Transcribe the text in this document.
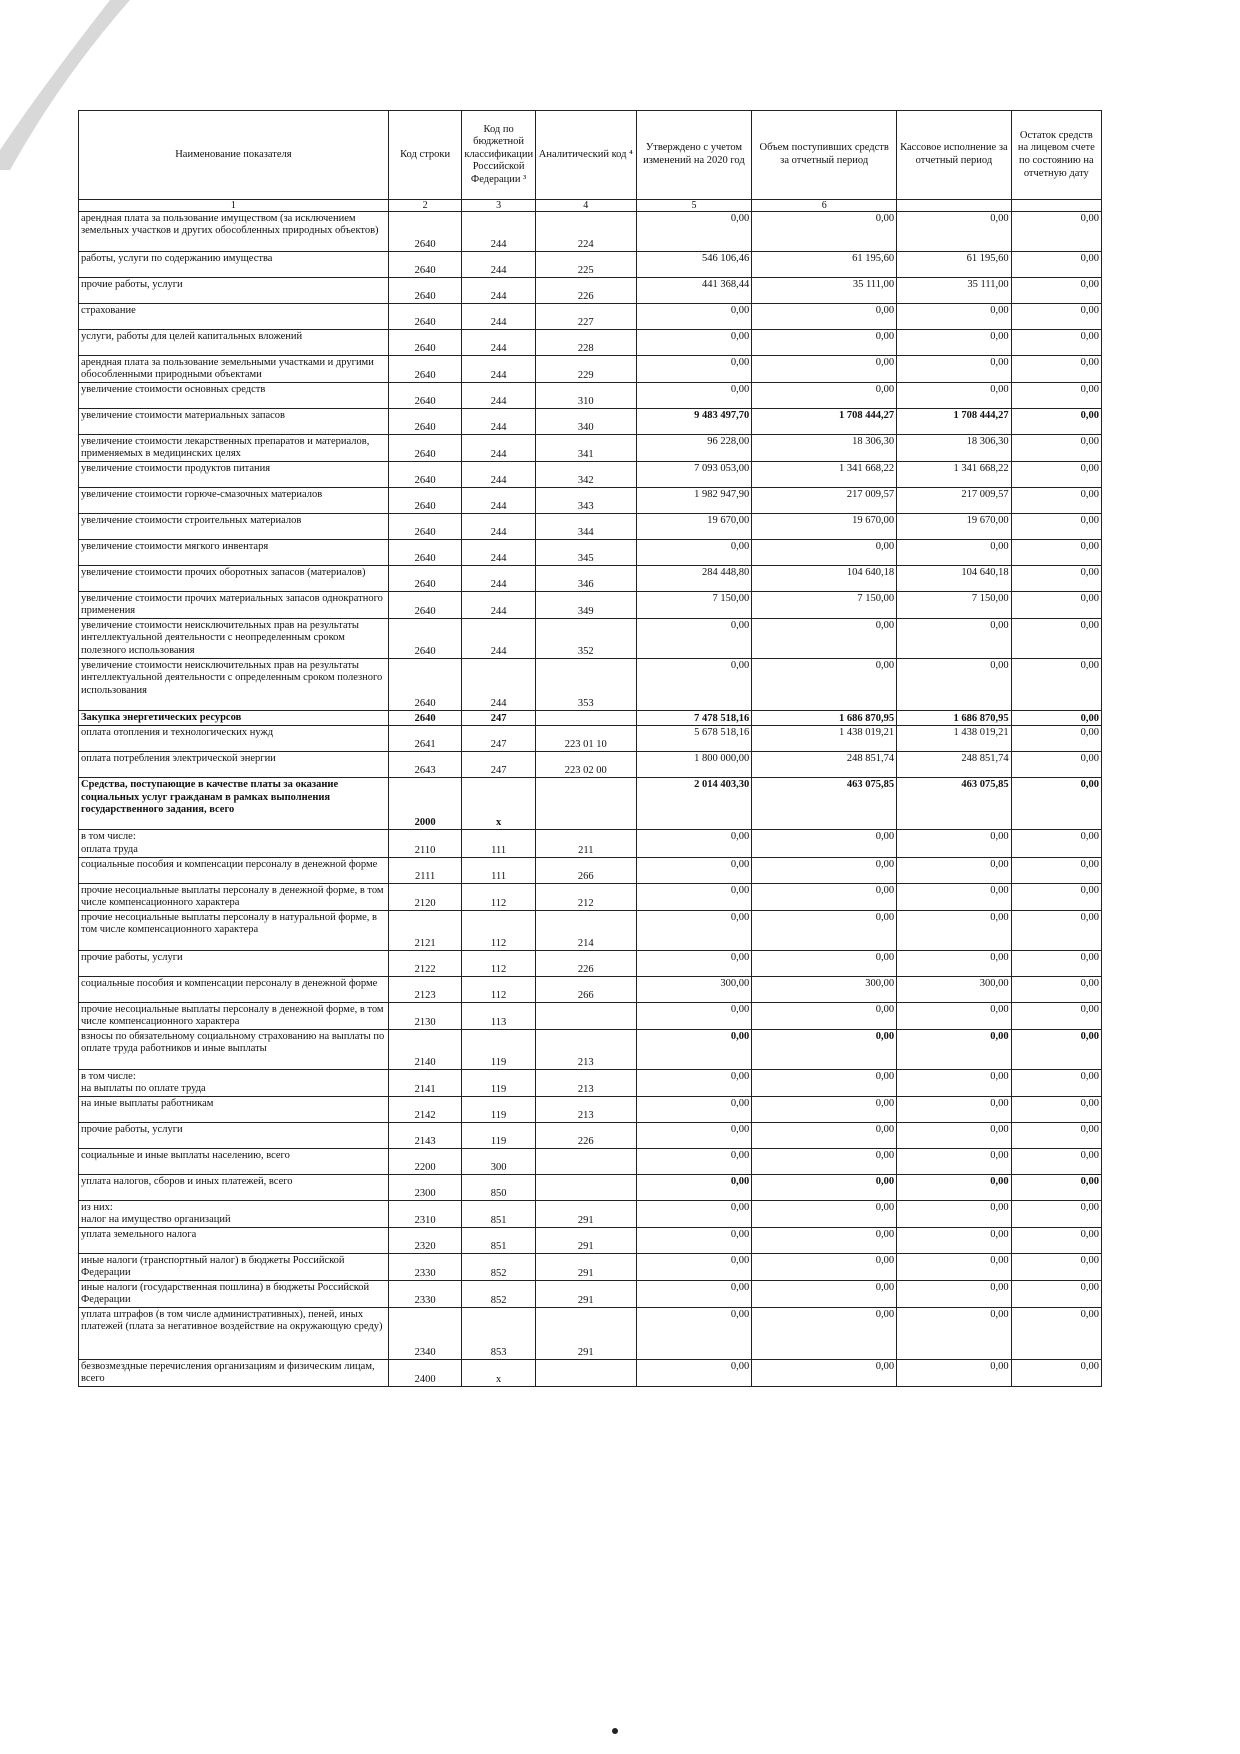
Наименование показателя	Код строки	Код по бюджетной классификации Российской Федерации ³	Аналитический код ⁴	Утверждено с учетом изменений на 2020 год	Объем поступивших средств за отчетный период	Кассовое исполнение за отчетный период	Остаток средств на лицевом счете по состоянию на отчетную дату
1	2	3	4	5	6		
арендная плата за пользование имуществом (за исключением земельных участков и других обособленных природных объектов)	2640	244	224	0,00	0,00	0,00	0,00
работы, услуги по содержанию имущества	2640	244	225	546 106,46	61 195,60	61 195,60	0,00
прочие работы, услуги	2640	244	226	441 368,44	35 111,00	35 111,00	0,00
страхование	2640	244	227	0,00	0,00	0,00	0,00
услуги, работы для целей капитальных вложений	2640	244	228	0,00	0,00	0,00	0,00
арендная плата за пользование земельными участками и другими обособленными природными объектами	2640	244	229	0,00	0,00	0,00	0,00
увеличение стоимости основных средств	2640	244	310	0,00	0,00	0,00	0,00
увеличение стоимости материальных запасов	2640	244	340	9 483 497,70	1 708 444,27	1 708 444,27	0,00
увеличение стоимости лекарственных препаратов и материалов, применяемых в медицинских целях	2640	244	341	96 228,00	18 306,30	18 306,30	0,00
увеличение стоимости продуктов питания	2640	244	342	7 093 053,00	1 341 668,22	1 341 668,22	0,00
увеличение стоимости горюче-смазочных материалов	2640	244	343	1 982 947,90	217 009,57	217 009,57	0,00
увеличение стоимости строительных материалов	2640	244	344	19 670,00	19 670,00	19 670,00	0,00
увеличение стоимости мягкого инвентаря	2640	244	345	0,00	0,00	0,00	0,00
увеличение стоимости прочих оборотных запасов (материалов)	2640	244	346	284 448,80	104 640,18	104 640,18	0,00
увеличение стоимости прочих материальных запасов однократного применения	2640	244	349	7 150,00	7 150,00	7 150,00	0,00
увеличение стоимости неисключительных прав на результаты интеллектуальной деятельности с неопределенным сроком полезного использования	2640	244	352	0,00	0,00	0,00	0,00
увеличение стоимости неисключительных прав на результаты интеллектуальной деятельности с определенным сроком полезного использования	2640	244	353	0,00	0,00	0,00	0,00
Закупка энергетических ресурсов	2640	247		7 478 518,16	1 686 870,95	1 686 870,95	0,00
оплата отопления и технологических нужд	2641	247	223 01 10	5 678 518,16	1 438 019,21	1 438 019,21	0,00
оплата потребления электрической энергии	2643	247	223 02 00	1 800 000,00	248 851,74	248 851,74	0,00
Средства, поступающие в качестве платы за оказание социальных услуг гражданам в рамках выполнения государственного задания, всего	2000	x		2 014 403,30	463 075,85	463 075,85	0,00
в том числе:
оплата труда	2110	111	211	0,00	0,00	0,00	0,00
социальные пособия и компенсации персоналу в денежной форме	2111	111	266	0,00	0,00	0,00	0,00
прочие несоциальные выплаты персоналу в денежной форме, в том числе компенсационного характера	2120	112	212	0,00	0,00	0,00	0,00
прочие несоциальные выплаты персоналу в натуральной форме, в том числе компенсационного характера	2121	112	214	0,00	0,00	0,00	0,00
прочие работы, услуги	2122	112	226	0,00	0,00	0,00	0,00
социальные пособия и компенсации персоналу в денежной форме	2123	112	266	300,00	300,00	300,00	0,00
прочие несоциальные выплаты персоналу в денежной форме, в том числе компенсационного характера	2130	113		0,00	0,00	0,00	0,00
взносы по обязательному социальному страхованию на выплаты по оплате труда работников и иные выплаты	2140	119	213	0,00	0,00	0,00	0,00
в том числе:
на выплаты по оплате труда	2141	119	213	0,00	0,00	0,00	0,00
на иные выплаты работникам	2142	119	213	0,00	0,00	0,00	0,00
прочие работы, услуги	2143	119	226	0,00	0,00	0,00	0,00
социальные и иные выплаты населению, всего	2200	300		0,00	0,00	0,00	0,00
уплата налогов, сборов и иных платежей, всего	2300	850		0,00	0,00	0,00	0,00
из них:
налог на имущество организаций	2310	851	291	0,00	0,00	0,00	0,00
уплата земельного налога	2320	851	291	0,00	0,00	0,00	0,00
иные налоги (транспортный налог) в бюджеты Российской Федерации	2330	852	291	0,00	0,00	0,00	0,00
иные налоги (государственная пошлина) в бюджеты Российской Федерации	2330	852	291	0,00	0,00	0,00	0,00
уплата штрафов (в том числе административных), пеней, иных платежей (плата за негативное воздействие на окружающую среду)	2340	853	291	0,00	0,00	0,00	0,00
безвозмездные перечисления организациям и физическим лицам, всего	2400	x		0,00	0,00	0,00	0,00
